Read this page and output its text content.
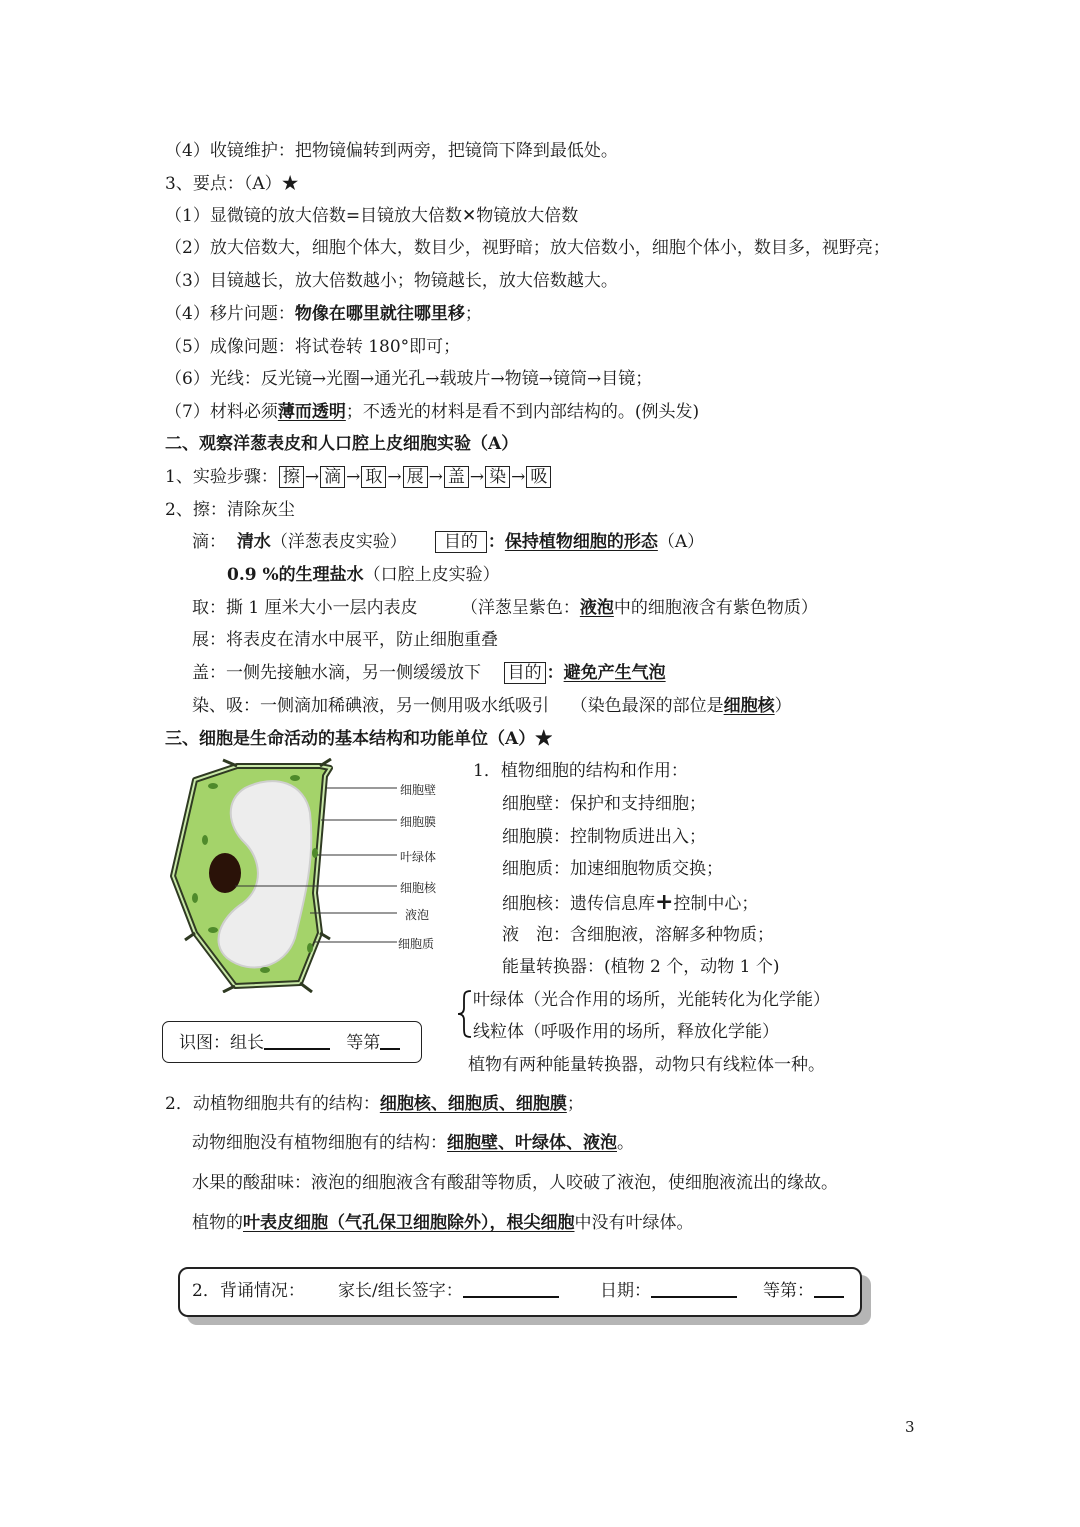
（4）收镜维护：把物镜偏转到两旁，把镜筒下降到最低处。
3、要点：（A）★
（1）显微镜的放大倍数=目镜放大倍数✕物镜放大倍数
（2）放大倍数大，细胞个体大，数目少，视野暗；放大倍数小，细胞个体小，数目多，视野亮；
（3）目镜越长，放大倍数越小；物镜越长，放大倍数越大。
（4）移片问题：物像在哪里就往哪里移；
（5）成像问题：将试卷转 180°即可；
（6）光线：反光镜→光圈→通光孔→载玻片→物镜→镜筒→目镜；
（7）材料必须薄而透明；不透光的材料是看不到内部结构的。(例头发)
二、观察洋葱表皮和人口腔上皮细胞实验（A）
1、实验步骤： 擦 → 滴 → 取 → 展 → 盖 → 染 → 吸
2、擦：清除灰尘
滴： 清水（洋葱表皮实验） 目的 ：保持植物细胞的形态（A）
0.9 %的生理盐水（口腔上皮实验）
取：撕 1 厘米大小一层内表皮	（洋葱呈紫色：液泡中的细胞液含有紫色物质）
展：将表皮在清水中展平，防止细胞重叠
盖：一侧先接触水滴，另一侧缓缓放下 目的 ：避免产生气泡
染、吸：一侧滴加稀碘液，另一侧用吸水纸吸引 （染色最深的部位是细胞核）
三、细胞是生命活动的基本结构和功能单位（A）★
细胞壁
细胞膜
叶绿体
细胞核
液泡
细胞质
识图：组长	等第
1．植物细胞的结构和作用：
细胞壁：保护和支持细胞；
细胞膜：控制物质进出入；
细胞质：加速细胞物质交换；
细胞核：遗传信息库+控制中心；
液　泡：含细胞液，溶解多种物质；
能量转换器：(植物 2 个，动物 1 个)
叶绿体（光合作用的场所，光能转化为化学能）
线粒体（呼吸作用的场所，释放化学能）
植物有两种能量转换器，动物只有线粒体一种。
2．动植物细胞共有的结构：细胞核、细胞质、细胞膜；
动物细胞没有植物细胞有的结构：细胞壁、叶绿体、液泡。
水果的酸甜味：液泡的细胞液含有酸甜等物质，人咬破了液泡，使细胞液流出的缘故。
植物的叶表皮细胞（气孔保卫细胞除外），根尖细胞中没有叶绿体。
2．背诵情况： 家长/组长签字：	日期：	等第：
3
